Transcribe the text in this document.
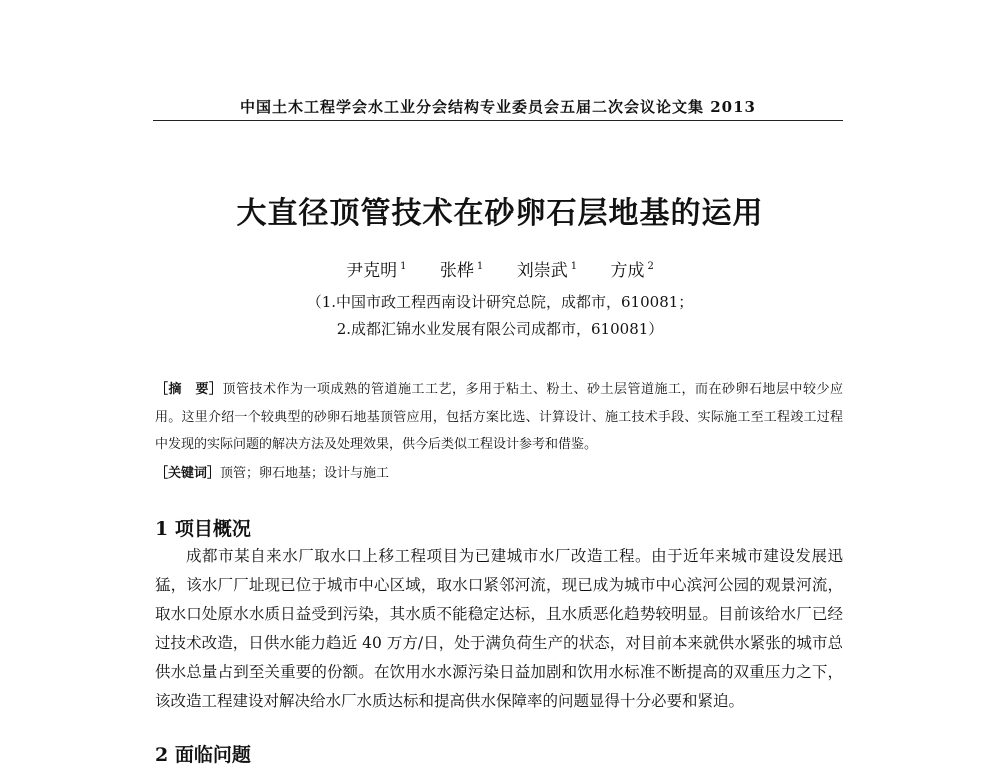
中国土木工程学会水工业分会结构专业委员会五届二次会议论文集 2013
大直径顶管技术在砂卵石层地基的运用
尹克明 $^1$ 张桦 $^1$ 刘崇武 $^1$ 方成 $^2$
（1.中国市政工程西南设计研究总院，成都市，610081；
2.成都汇锦水业发展有限公司成都市，610081）
［摘　要］顶管技术作为一项成熟的管道施工工艺，多用于粘土、粉土、砂土层管道施工，而在砂卵石地层中较少应用。这里介绍一个较典型的砂卵石地基顶管应用，包括方案比选、计算设计、施工技术手段、实际施工至工程竣工过程中发现的实际问题的解决方法及处理效果，供今后类似工程设计参考和借鉴。
［关键词］顶管；卵石地基；设计与施工
1 项目概况
成都市某自来水厂取水口上移工程项目为已建城市水厂改造工程。由于近年来城市建设发展迅猛，该水厂厂址现已位于城市中心区域，取水口紧邻河流，现已成为城市中心滨河公园的观景河流，取水口处原水水质日益受到污染，其水质不能稳定达标，且水质恶化趋势较明显。目前该给水厂已经过技术改造，日供水能力趋近 40 万方/日，处于满负荷生产的状态，对目前本来就供水紧张的城市总供水总量占到至关重要的份额。在饮用水水源污染日益加剧和饮用水标准不断提高的双重压力之下，该改造工程建设对解决给水厂水质达标和提高供水保障率的问题显得十分必要和紧迫。
2 面临问题
